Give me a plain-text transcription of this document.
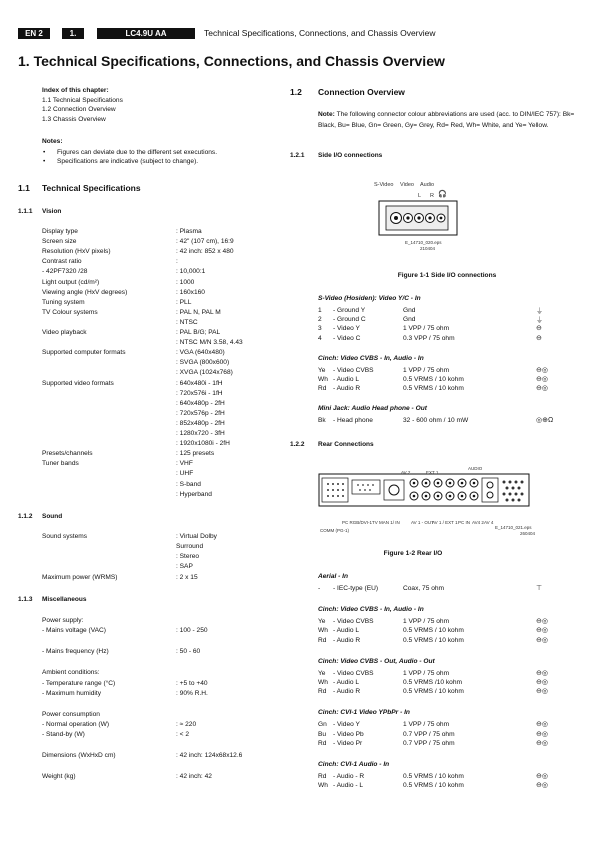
EN 2	1.	LC4.9U AA	Technical Specifications, Connections, and Chassis Overview
1. Technical Specifications, Connections, and Chassis Overview
Index of this chapter:
1.1 Technical Specifications
1.2 Connection Overview
1.3 Chassis Overview
Notes:
• Figures can deviate due to the different set executions.
• Specifications are indicative (subject to change).
1.1 Technical Specifications
1.1.1 Vision
1.1.2 Sound
1.1.3 Miscellaneous
1.2 Connection Overview
Note: The following connector colour abbreviations are used (acc. to DIN/IEC 757): Bk= Black, Bu= Blue, Gn= Green, Gy= Grey, Rd= Red, Wh= White, and Ye= Yellow.
1.2.1 Side I/O connections
S-Video Video Audio
L R 🎧
E_14710_020.eps
210404
Figure 1-1 Side I/O connections
1.2.2 Rear Connections
COMM (PG-1)
PC RGB/DVI-1 TV MAN 1/ IN
AV 2	EXT 1
AV 1 - OUT
AV 1 / EXT 1 PC IN AV4 2 AV 4
AUDIO
E_14710_021.eps
260404
Figure 1-2 Rear I/O
Display type	: Plasma
Screen size	: 42" (107 cm), 16:9
Resolution (HxV pixels)	: 42 inch: 852 x 480
Contrast ratio	:
- 42PF7320 /28	: 10,000:1
Light output (cd/m²)	: 1000
Viewing angle (HxV degrees)	: 160x160
Tuning system	: PLL
TV Colour systems	: PAL N, PAL M
: NTSC
Video playback	: PAL B/G; PAL
: NTSC M/N 3.58, 4.43
Supported computer formats	: VGA (640x480)
: SVGA (800x600)
: XVGA (1024x768)
Supported video formats	: 640x480i - 1fH
: 720x576i - 1fH
: 640x480p - 2fH
: 720x576p - 2fH
: 852x480p - 2fH
: 1280x720 - 3fH
: 1920x1080i - 2fH
Presets/channels	: 125 presets
Tuner bands	: VHF
: UHF
: S-band
: Hyperband
Sound systems	: Virtual Dolby
Surround
: Stereo
: SAP
Maximum power (WRMS)	: 2 x 15
Power supply:
- Mains voltage (VAC)	: 100 - 250
- Mains frequency (Hz)	: 50 - 60
Ambient conditions:
- Temperature range (°C)	: +5 to +40
- Maximum humidity	: 90% R.H.
Power consumption
- Normal operation (W)	: ≈ 220
- Stand-by (W)	: < 2
Dimensions (WxHxD cm)	: 42 inch: 124x68x12.6
Weight (kg)	: 42 inch: 42
S-Video (Hosiden): Video Y/C - In
1 - Ground Y	Gnd	⏚
2 - Ground C	Gnd	⏚
3 - Video Y	1 VPP / 75 ohm	⊖
4 - Video C	0.3 VPP / 75 ohm	⊖
Cinch: Video CVBS - In, Audio - In
Ye - Video CVBS	1 VPP / 75 ohm	⊖◎
Wh - Audio L	0.5 VRMS / 10 kohm	⊖◎
Rd - Audio R	0.5 VRMS / 10 kohm	⊖◎
Mini Jack: Audio Head phone - Out
Bk - Head phone	32 - 600 ohm / 10 mW	◎⊕Ω
Aerial - In
- - IEC-type (EU)	Coax, 75 ohm	⊤
Cinch: Video CVBS - In, Audio - In
Ye - Video CVBS	1 VPP / 75 ohm	⊖◎
Wh - Audio L	0.5 VRMS / 10 kohm	⊖◎
Rd - Audio R	0.5 VRMS / 10 kohm	⊖◎
Cinch: Video CVBS - Out, Audio - Out
Ye - Video CVBS	1 VPP / 75 ohm	⊖◎
Wh - Audio L	0.5 VRMS /10 kohm	⊖◎
Rd - Audio R	0.5 VRMS / 10 kohm	⊖◎
Cinch: CVI-1 Video YPbPr - In
Gn - Video Y	1 VPP / 75 ohm	⊖◎
Bu - Video Pb	0.7 VPP / 75 ohm	⊖◎
Rd - Video Pr	0.7 VPP / 75 ohm	⊖◎
Cinch: CVI-1 Audio - In
Rd - Audio - R	0.5 VRMS / 10 kohm	⊖◎
Wh - Audio - L	0.5 VRMS / 10 kohm	⊖◎
